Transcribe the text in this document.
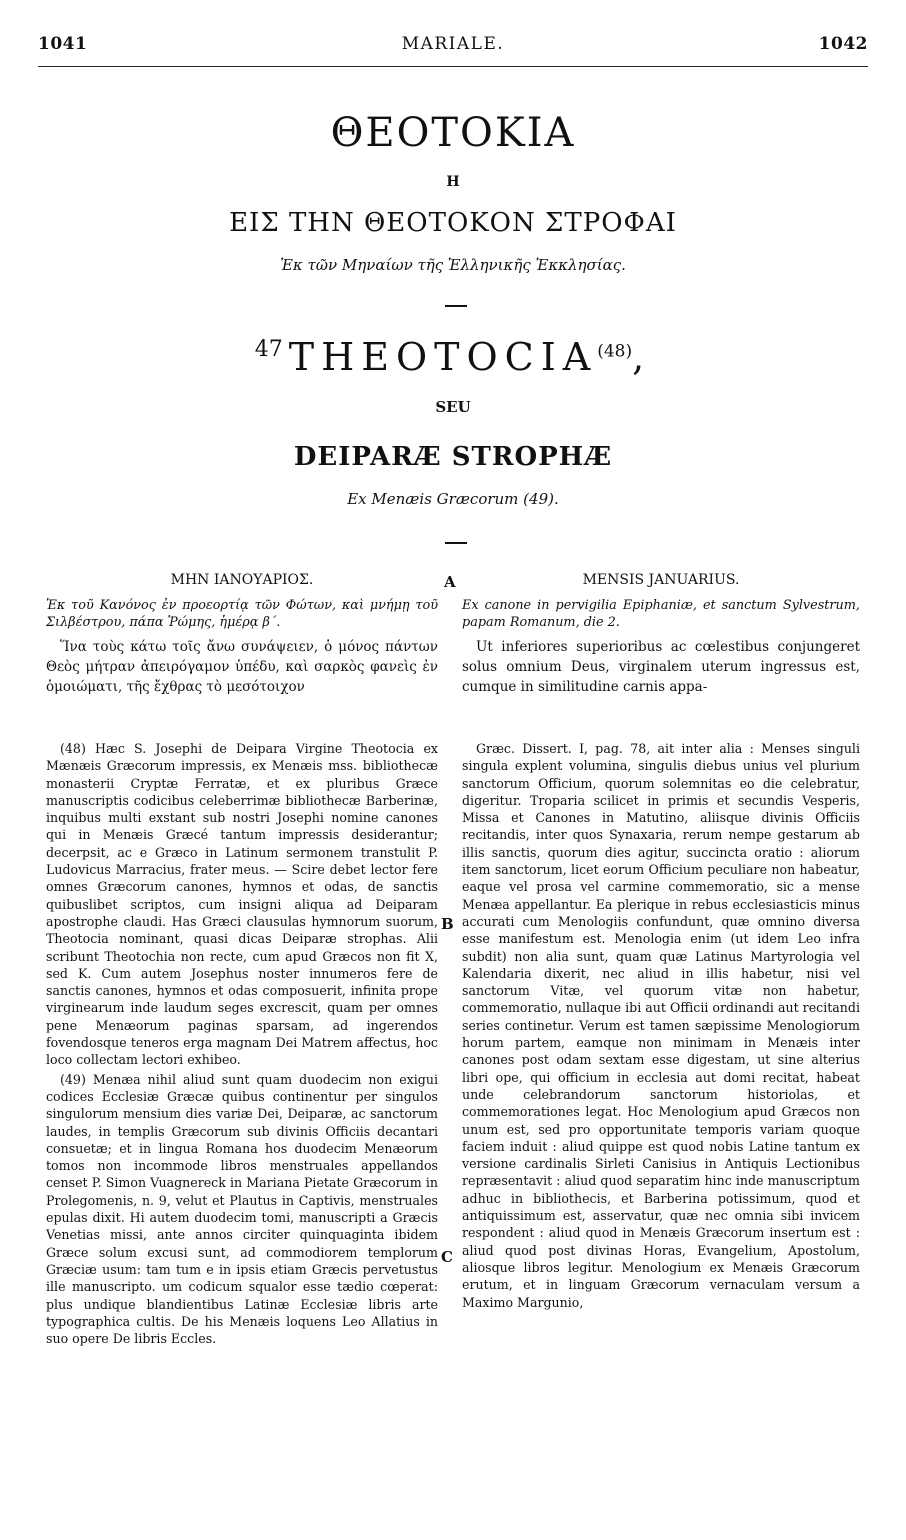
1041	MARIALE.	1042
ΘΕΟΤΟΚΙΑ
Η
ΕΙΣ ΤΗΝ ΘΕΟΤΟΚΟΝ ΣΤΡΟΦΑΙ
Ἐκ τῶν Μηναίων τῆς Ἑλληνικῆς Ἐκκλησίας.
$^{47}$ THEOTOCIA$^{(48)}$,
SEU
DEIPARÆ STROPHÆ
Ex Menæis Græcorum (49).
A
B
C

ΜΗΝ ΙΑΝΟΥΑΡΙΟΣ.

Ἐκ τοῦ Κανόνος ἐν προεορτίᾳ τῶν Φώτων, καὶ μνήμῃ τοῦ Σιλβέστρου, πάπα Ῥώμης, ἡμέρᾳ β΄.

Ἵνα τοὺς κάτω τοῖς ἄνω συνάψειεν, ὁ μόνος πάντων Θεὸς μήτραν ἀπειρόγαμον ὑπέδυ, καὶ σαρκὸς φανεὶς ἐν ὁμοιώματι, τῆς ἔχθρας τὸ μεσότοιχον

MENSIS JANUARIUS.

Ex canone in pervigilia Epiphaniæ, et sanctum Sylvestrum, papam Romanum, die 2.

Ut inferiores superioribus ac cœlestibus conjungeret solus omnium Deus, virginalem uterum ingressus est, cumque in similitudine carnis appa-

(48) Hæc S. Josephi de Deipara Virgine Theotocia ex Mænæis Græcorum impressis, ex Menæis mss. bibliothecæ monasterii Cryptæ Ferratæ, et ex pluribus Græce manuscriptis codicibus celeberrimæ bibliothecæ Barberinæ, inquibus multi exstant sub nostri Josephi nomine canones qui in Menæis Græcé tantum impressis desiderantur; decerpsit, ac e Græco in Latinum sermonem transtulit P. Ludovicus Marracius, frater meus. — Scire debet lector fere omnes Græcorum canones, hymnos et odas, de sanctis quibuslibet scriptos, cum insigni aliqua ad Deiparam apostrophe claudi. Has Græci clausulas hymnorum suorum, Theotocia nominant, quasi dicas Deiparæ strophas. Alii scribunt Theotochia non recte, cum apud Græcos non fit X, sed K. Cum autem Josephus noster innumeros fere de sanctis canones, hymnos et odas composuerit, infinita prope virginearum inde laudum seges excrescit, quam per omnes pene Menæorum paginas sparsam, ad ingerendos fovendosque teneros erga magnam Dei Matrem affectus, hoc loco collectam lectori exhibeo.

(49) Menæa nihil aliud sunt quam duodecim non exigui codices Ecclesiæ Græcæ quibus continentur per singulos singulorum mensium dies variæ Dei, Deiparæ, ac sanctorum laudes, in templis Græcorum sub divinis Officiis decantari consuetæ; et in lingua Romana hos duodecim Menæorum tomos non incommode libros menstruales appellandos censet P. Simon Vuagnereck in Mariana Pietate Græcorum in Prolegomenis, n. 9, velut et Plautus in Captivis, menstruales epulas dixit. Hi autem duodecim tomi, manuscripti a Græcis Venetias missi, ante annos circiter quinquaginta ibidem Græce solum excusi sunt, ad commodiorem templorum Græciæ usum: tam tum e in ipsis etiam Græcis pervetustus ille manuscripto. um codicum squalor esse tædio cœperat: plus undique blandientibus Latinæ Ecclesiæ libris arte typographica cultis. De his Menæis loquens Leo Allatius in suo opere De libris Eccles.

Græc. Dissert. I, pag. 78, ait inter alia : Menses singuli singula explent volumina, singulis diebus unius vel plurium sanctorum Officium, quorum solemnitas eo die celebratur, digeritur. Troparia scilicet in primis et secundis Vesperis, Missa et Canones in Matutino, aliisque divinis Officiis recitandis, inter quos Synaxaria, rerum nempe gestarum ab illis sanctis, quorum dies agitur, succincta oratio : aliorum item sanctorum, licet eorum Officium peculiare non habeatur, eaque vel prosa vel carmine commemoratio, sic a mense Menæa appellantur. Ea plerique in rebus ecclesiasticis minus accurati cum Menologiis confundunt, quæ omnino diversa esse manifestum est. Menologia enim (ut idem Leo infra subdit) non alia sunt, quam quæ Latinus Martyrologia vel Kalendaria dixerit, nec aliud in illis habetur, nisi vel sanctorum Vitæ, vel quorum vitæ non habetur, commemoratio, nullaque ibi aut Officii ordinandi aut recitandi series continetur. Verum est tamen sæpissime Menologiorum horum partem, eamque non minimam in Menæis inter canones post odam sextam esse digestam, ut sine alterius libri ope, qui officium in ecclesia aut domi recitat, habeat unde celebrandorum sanctorum historiolas, et commemorationes legat. Hoc Menologium apud Græcos non unum est, sed pro opportunitate temporis variam quoque faciem induit : aliud quippe est quod nobis Latine tantum ex versione cardinalis Sirleti Canisius in Antiquis Lectionibus repræsentavit : aliud quod separatim hinc inde manuscriptum adhuc in bibliothecis, et Barberina potissimum, quod et antiquissimum est, asservatur, quæ nec omnia sibi invicem respondent : aliud quod in Menæis Græcorum insertum est : aliud quod post divinas Horas, Evangelium, Apostolum, aliosque libros legitur. Menologium ex Menæis Græcorum erutum, et in linguam Græcorum vernaculam versum a Maximo Margunio,
